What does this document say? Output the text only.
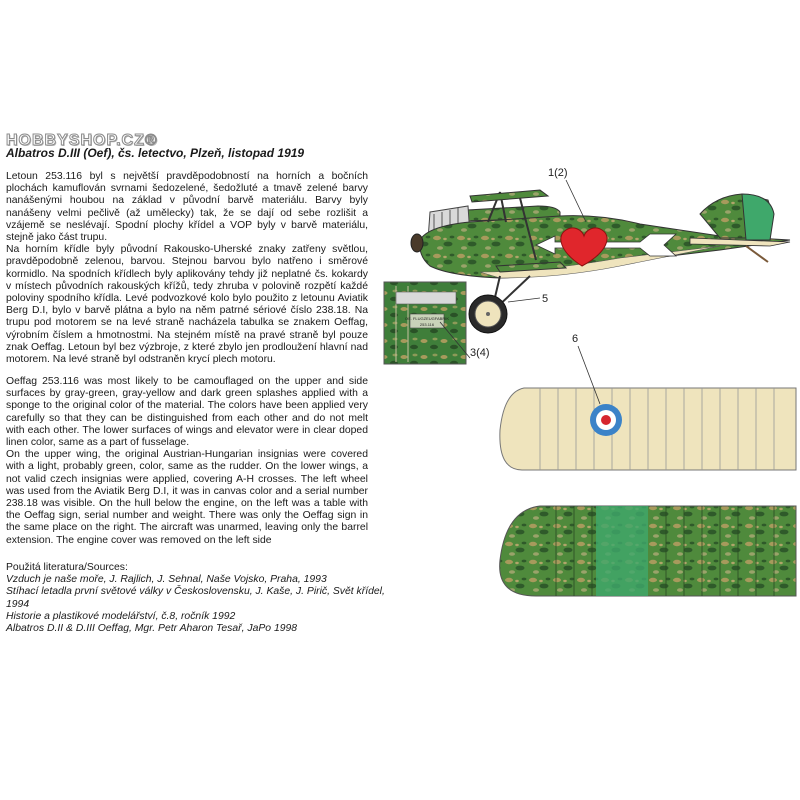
HOBBYSHOP.CZ®
Albatros D.III (Oef), čs. letectvo, Plzeň, listopad 1919

Letoun 253.116 byl s největší pravděpodobností na horních a bočních plochách kamuflován svrnami šedozelené, šedožluté a tmavě zelené barvy nanášenými houbou na základ v původní barvě materiálu. Barvy byly nanášeny velmi pečlivě (až umělecky) tak, že se dají od sebe rozlišit a vzájemě se neslévají. Spodní plochy křídel a VOP byly v barvě materiálu, stejně jako část trupu.

Na horním křídle byly původní Rakousko-Uherské znaky zatřeny světlou, pravděpodobně zelenou, barvou. Stejnou barvou bylo natřeno i směrové kormidlo. Na spodních křídlech byly aplikovány tehdy již neplatné čs. kokardy v místech původních rakouských křížů, tedy zhruba v polovině rozpětí každé poloviny spodního křídla. Levé podvozkové kolo bylo použito z letounu Aviatik Berg D.I, bylo v barvě plátna a bylo na něm patrné sériové číslo 238.18. Na trupu pod motorem se na levé straně nacházela tabulka se znakem Oeffag, výrobním číslem a hmotnostmi. Na stejném místě na pravé straně byl pouze znak Oeffag. Letoun byl bez výzbroje, z které zbylo jen prodloužení hlavní nad motorem. Na levé straně byl odstraněn krycí plech motoru.

Oeffag 253.116 was most likely to be camouflaged on the upper and side surfaces by gray-green, gray-yellow and dark green splashes applied with a sponge to the original color of the material. The colors have been applied very carefully so that they can be distinguished from each other and do not melt with each other. The lower surfaces of wings and elevator were in clear doped linen color, same as a part of fusselage.

On the upper wing, the original Austrian-Hungarian insignias were covered with a light, probably green, color, same as the rudder. On the lower wings, a not valid czech insignias were applied, covering A-H crosses. The left wheel was used from the Aviatik Berg D.I, it was in canvas color and a serial number 238.18 was visible. On the hull below the engine, on the left was a table with the Oeffag sign, serial number and weight. There was only the Oeffag sign in the same place on the right. The aircraft was unarmed, leaving only the barrel extension. The engine cover was removed on the left side

Použitá literatura/Sources:
Vzduch je naše moře, J. Rajlich, J. Sehnal, Naše Vojsko, Praha, 1993
Stíhací letadla první světové války v Československu, J. Kaše, J. Pirič, Svět křídel, 1994
Historie a plastikové modelářství, č.8, ročník 1992
Albatros D.II & D.III Oeffag, Mgr. Petr Aharon Tesař, JaPo 1998
1(2)
5
OE. FLUGZEUGFABRIK
253.116
3(4)
6
